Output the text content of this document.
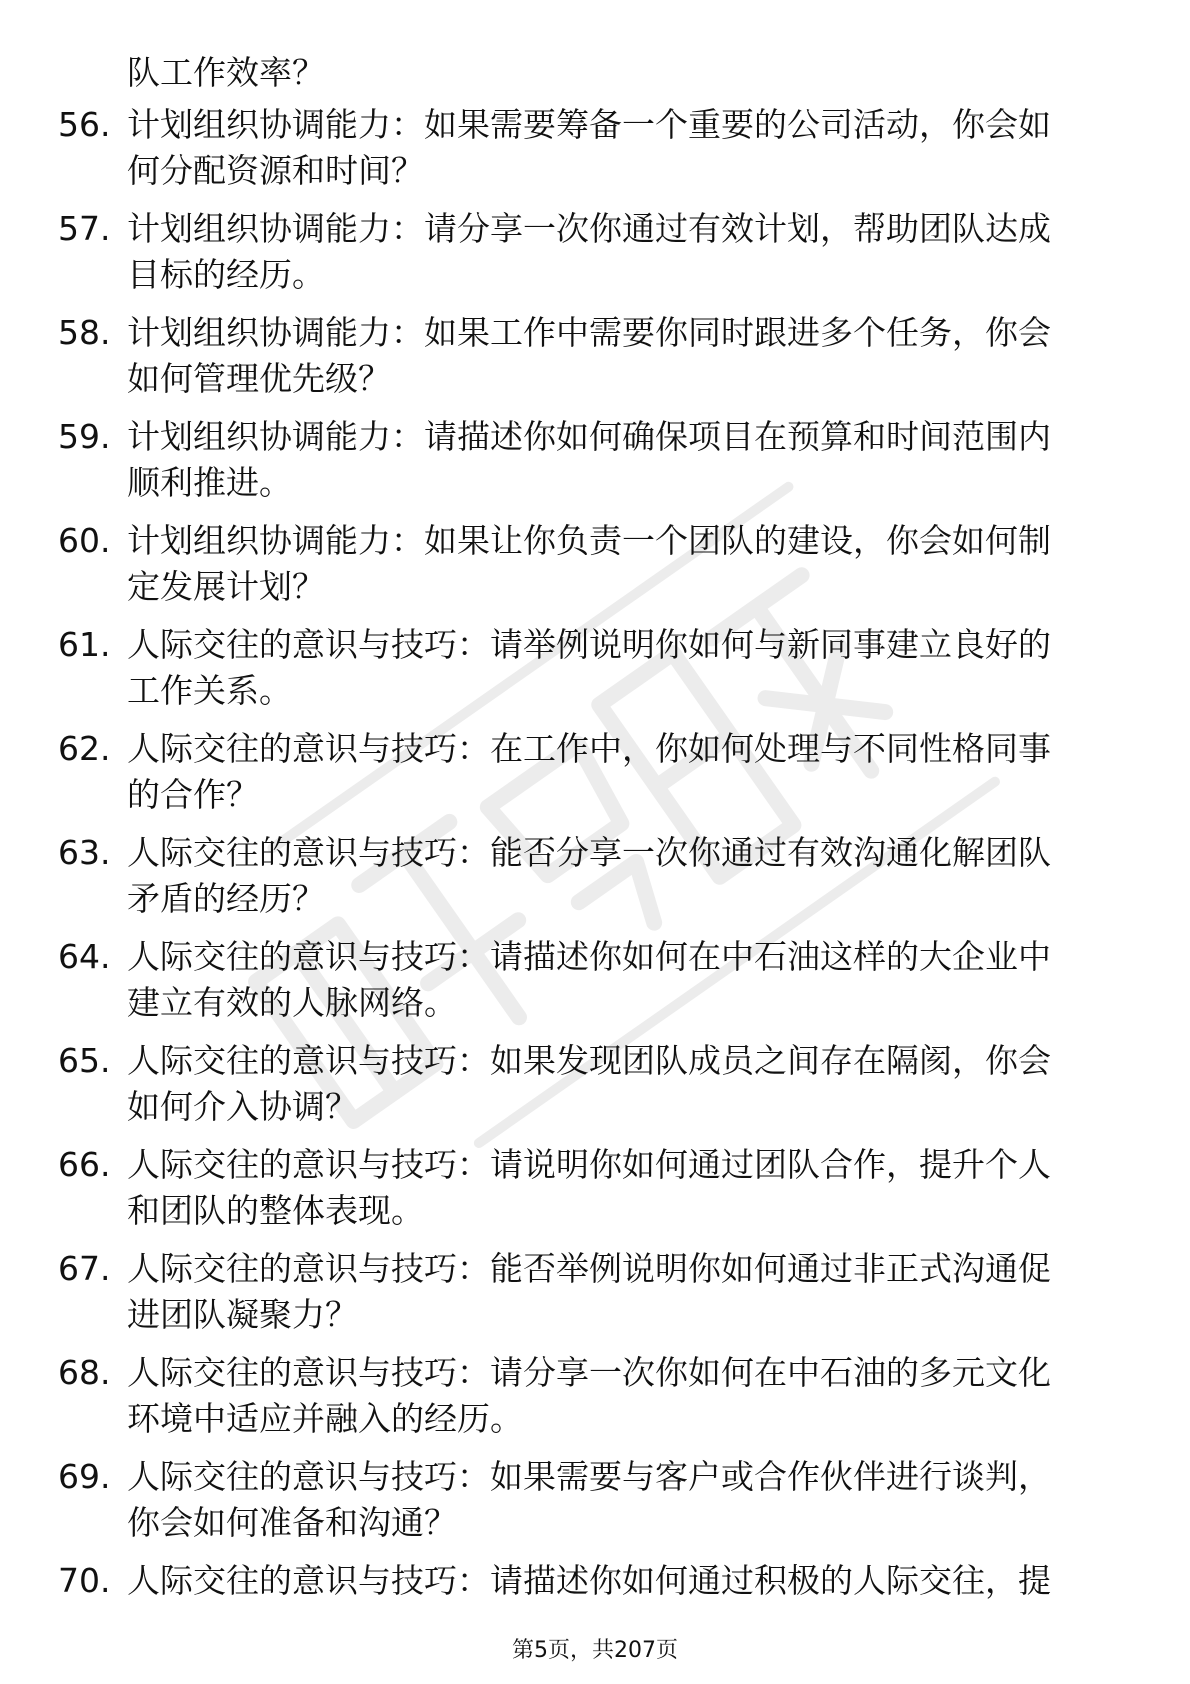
队工作效率？
56. 计划组织协调能力：如果需要筹备一个重要的公司活动，你会如
何分配资源和时间？
57. 计划组织协调能力：请分享一次你通过有效计划，帮助团队达成
目标的经历。
58. 计划组织协调能力：如果工作中需要你同时跟进多个任务，你会
如何管理优先级？
59. 计划组织协调能力：请描述你如何确保项目在预算和时间范围内
顺利推进。
60. 计划组织协调能力：如果让你负责一个团队的建设，你会如何制
定发展计划？
61. 人际交往的意识与技巧：请举例说明你如何与新同事建立良好的
工作关系。
62. 人际交往的意识与技巧：在工作中，你如何处理与不同性格同事
的合作？
63. 人际交往的意识与技巧：能否分享一次你通过有效沟通化解团队
矛盾的经历？
64. 人际交往的意识与技巧：请描述你如何在中石油这样的大企业中
建立有效的人脉网络。
65. 人际交往的意识与技巧：如果发现团队成员之间存在隔阂，你会
如何介入协调？
66. 人际交往的意识与技巧：请说明你如何通过团队合作，提升个人
和团队的整体表现。
67. 人际交往的意识与技巧：能否举例说明你如何通过非正式沟通促
进团队凝聚力？
68. 人际交往的意识与技巧：请分享一次你如何在中石油的多元文化
环境中适应并融入的经历。
69. 人际交往的意识与技巧：如果需要与客户或合作伙伴进行谈判，
你会如何准备和沟通？
70. 人际交往的意识与技巧：请描述你如何通过积极的人际交往，提
第5页，共207页
